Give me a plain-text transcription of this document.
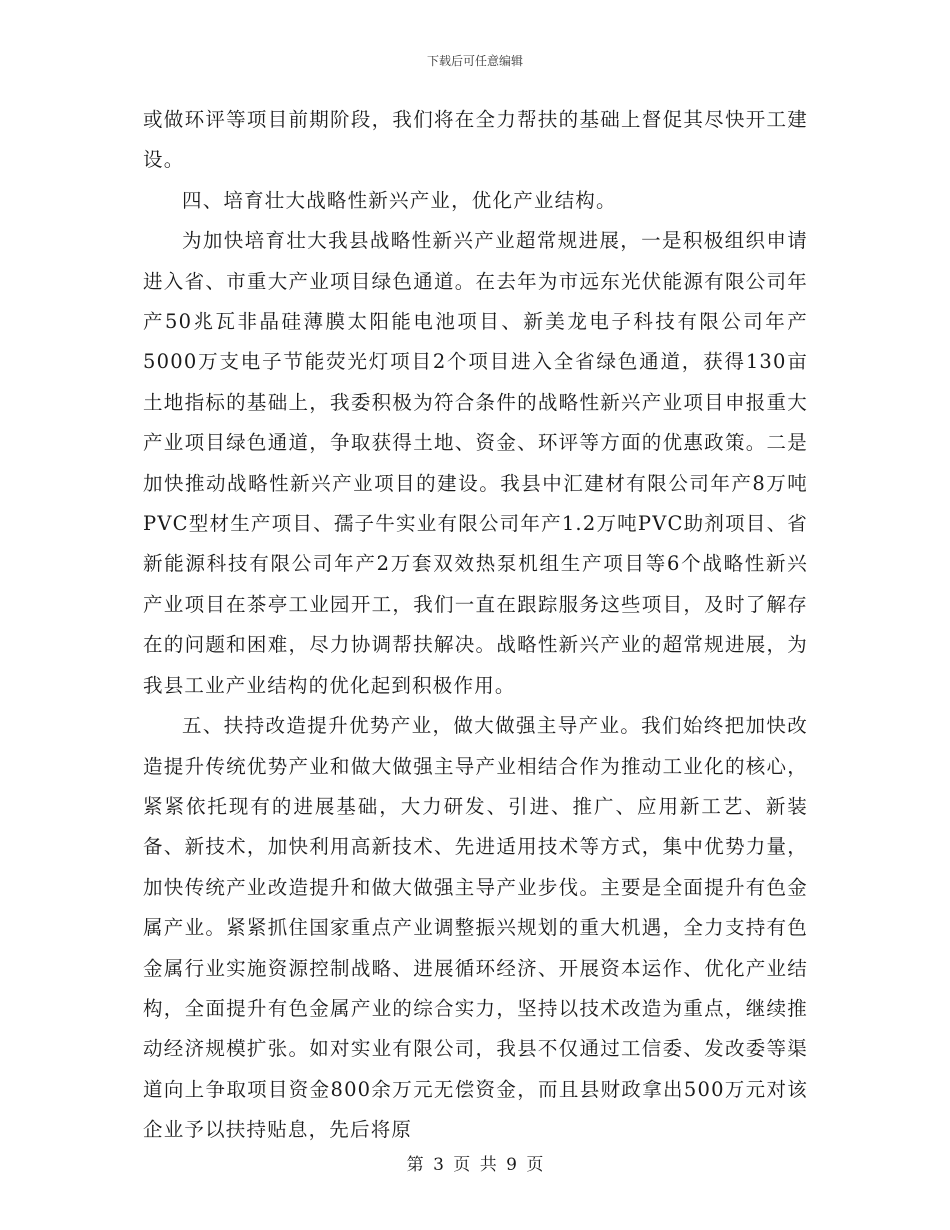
下载后可任意编辑

或做环评等项目前期阶段，我们将在全力帮扶的基础上督促其尽快开工建设。

四、培育壮大战略性新兴产业，优化产业结构。

为加快培育壮大我县战略性新兴产业超常规进展，一是积极组织申请进入省、市重大产业项目绿色通道。在去年为市远东光伏能源有限公司年产50兆瓦非晶硅薄膜太阳能电池项目、新美龙电子科技有限公司年产5000万支电子节能荧光灯项目2个项目进入全省绿色通道，获得130亩土地指标的基础上，我委积极为符合条件的战略性新兴产业项目申报重大产业项目绿色通道，争取获得土地、资金、环评等方面的优惠政策。二是加快推动战略性新兴产业项目的建设。我县中汇建材有限公司年产8万吨PVC型材生产项目、孺子牛实业有限公司年产1.2万吨PVC助剂项目、省新能源科技有限公司年产2万套双效热泵机组生产项目等6个战略性新兴产业项目在茶亭工业园开工，我们一直在跟踪服务这些项目，及时了解存在的问题和困难，尽力协调帮扶解决。战略性新兴产业的超常规进展，为我县工业产业结构的优化起到积极作用。

五、扶持改造提升优势产业，做大做强主导产业。我们始终把加快改造提升传统优势产业和做大做强主导产业相结合作为推动工业化的核心，紧紧依托现有的进展基础，大力研发、引进、推广、应用新工艺、新装备、新技术，加快利用高新技术、先进适用技术等方式，集中优势力量，加快传统产业改造提升和做大做强主导产业步伐。主要是全面提升有色金属产业。紧紧抓住国家重点产业调整振兴规划的重大机遇，全力支持有色金属行业实施资源控制战略、进展循环经济、开展资本运作、优化产业结构，全面提升有色金属产业的综合实力，坚持以技术改造为重点，继续推动经济规模扩张。如对实业有限公司，我县不仅通过工信委、发改委等渠道向上争取项目资金800余万元无偿资金，而且县财政拿出500万元对该企业予以扶持贴息，先后将原

第 3 页 共 9 页
